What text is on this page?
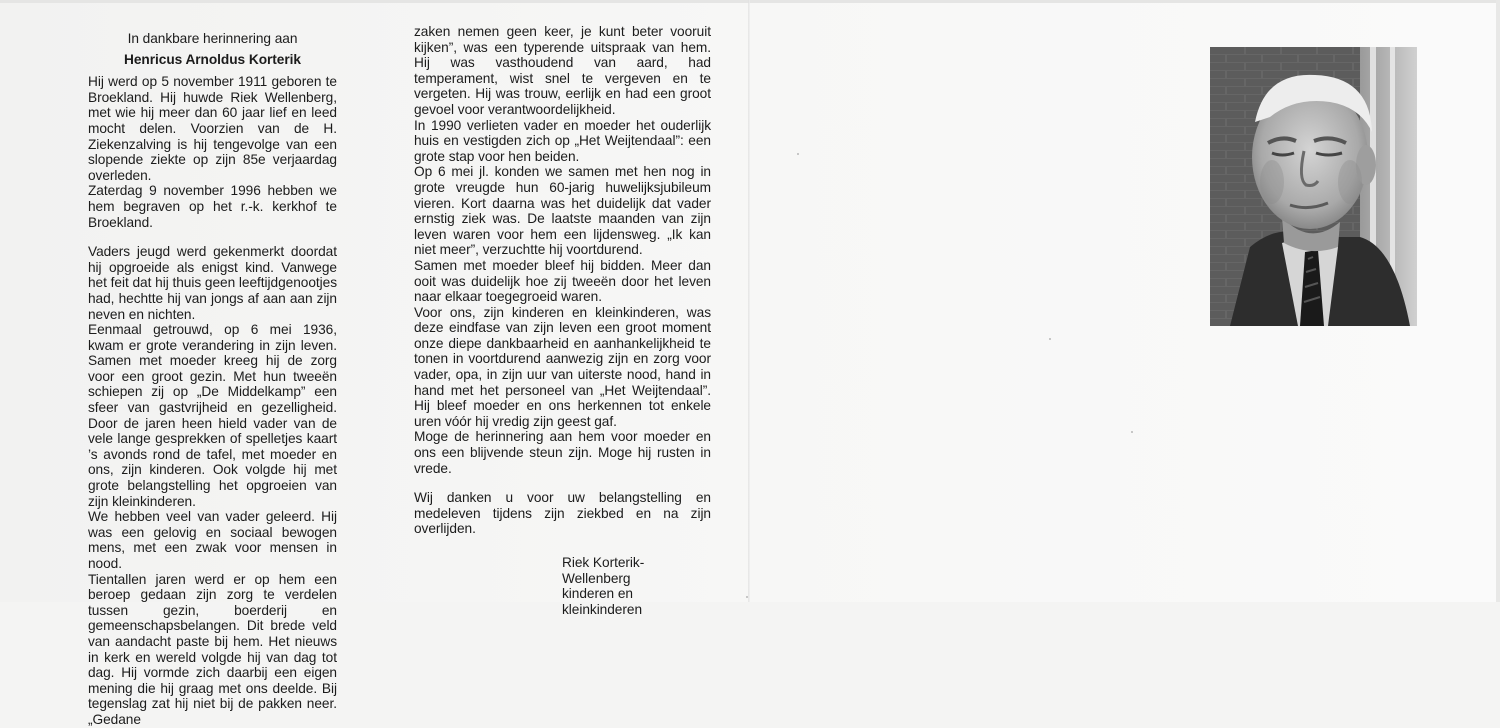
In dankbare herinnering aan

Henricus Arnoldus Korterik

Hij werd op 5 november 1911 geboren te Broekland. Hij huwde Riek Wellenberg, met wie hij meer dan 60 jaar lief en leed mocht delen. Voorzien van de H. Ziekenzalving is hij tengevolge van een slopende ziekte op zijn 85e verjaardag overleden.

Zaterdag 9 november 1996 hebben we hem begraven op het r.-k. kerkhof te Broekland.

Vaders jeugd werd gekenmerkt doordat hij opgroeide als enigst kind. Vanwege het feit dat hij thuis geen leeftijdgenootjes had, hechtte hij van jongs af aan aan zijn neven en nichten.

Eenmaal getrouwd, op 6 mei 1936, kwam er grote verandering in zijn leven. Samen met moeder kreeg hij de zorg voor een groot gezin. Met hun tweeën schiepen zij op „De Middelkamp” een sfeer van gastvrijheid en gezelligheid. Door de jaren heen hield vader van de vele lange gesprekken of spelletjes kaart ’s avonds rond de tafel, met moeder en ons, zijn kinderen. Ook volgde hij met grote belangstelling het opgroeien van zijn kleinkinderen.

We hebben veel van vader geleerd. Hij was een gelovig en sociaal bewogen mens, met een zwak voor mensen in nood.

Tientallen jaren werd er op hem een beroep gedaan zijn zorg te verdelen tussen gezin, boerderij en gemeenschapsbelangen. Dit brede veld van aandacht paste bij hem. Het nieuws in kerk en wereld volgde hij van dag tot dag. Hij vormde zich daarbij een eigen mening die hij graag met ons deelde. Bij tegenslag zat hij niet bij de pakken neer. „Gedane

zaken nemen geen keer, je kunt beter vooruit kijken”, was een typerende uitspraak van hem. Hij was vasthoudend van aard, had temperament, wist snel te vergeven en te vergeten. Hij was trouw, eerlijk en had een groot gevoel voor verantwoordelijkheid.

In 1990 verlieten vader en moeder het ouderlijk huis en vestigden zich op „Het Weijtendaal”: een grote stap voor hen beiden.

Op 6 mei jl. konden we samen met hen nog in grote vreugde hun 60-jarig huwelijksjubileum vieren. Kort daarna was het duidelijk dat vader ernstig ziek was. De laatste maanden van zijn leven waren voor hem een lijdensweg. „Ik kan niet meer”, verzuchtte hij voortdurend.

Samen met moeder bleef hij bidden. Meer dan ooit was duidelijk hoe zij tweeën door het leven naar elkaar toegegroeid waren.

Voor ons, zijn kinderen en kleinkinderen, was deze eindfase van zijn leven een groot moment onze diepe dankbaarheid en aanhankelijkheid te tonen in voortdurend aanwezig zijn en zorg voor vader, opa, in zijn uur van uiterste nood, hand in hand met het personeel van „Het Weijtendaal”. Hij bleef moeder en ons herkennen tot enkele uren vóór hij vredig zijn geest gaf.

Moge de herinnering aan hem voor moeder en ons een blijvende steun zijn. Moge hij rusten in vrede.

Wij danken u voor uw belangstelling en medeleven tijdens zijn ziekbed en na zijn overlijden.

Riek Korterik-Wellenberg
kinderen en kleinkinderen
